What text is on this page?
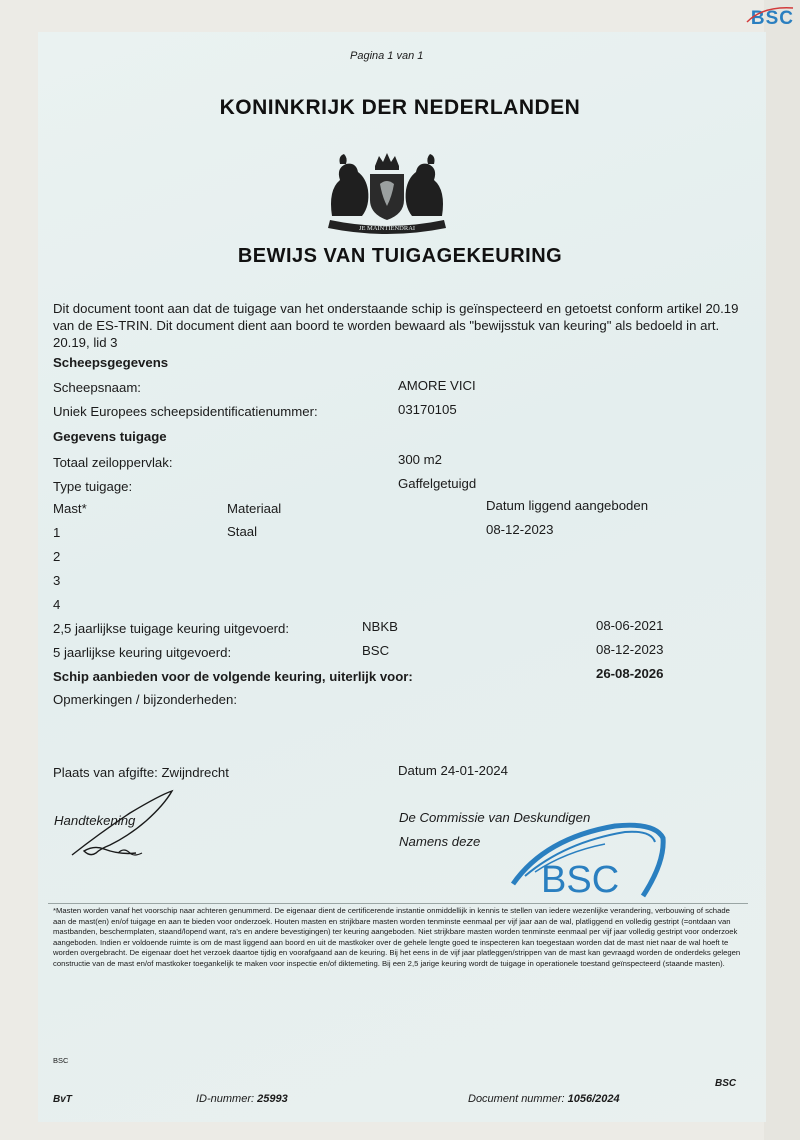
BSC
Pagina 1 van 1
KONINKRIJK DER NEDERLANDEN
JE MAINTIENDRAI
BEWIJS VAN TUIGAGEKEURING
Dit document toont aan dat de tuigage van het onderstaande schip is geïnspecteerd en getoetst conform artikel 20.19 van de ES-TRIN. Dit document dient aan boord te worden bewaard als "bewijsstuk van keuring" als bedoeld in art. 20.19, lid 3
Scheepsgegevens
Scheepsnaam:	AMORE VICI
Uniek Europees scheepsidentificatienummer:	03170105
Gegevens tuigage
Totaal zeiloppervlak:	300 m2
Type tuigage:	Gaffelgetuigd
Mast*	Materiaal	Datum liggend aangeboden
1	Staal	08-12-2023
2
3
4
2,5 jaarlijkse tuigage keuring uitgevoerd:	NBKB	08-06-2021
5 jaarlijkse keuring uitgevoerd:	BSC	08-12-2023
Schip aanbieden voor de volgende keuring, uiterlijk voor:	26-08-2026
Opmerkingen / bijzonderheden:
Plaats van afgifte: Zwijndrecht	Datum 24-01-2024
Handtekening	De Commissie van Deskundigen
Namens deze
BSC
*Masten worden vanaf het voorschip naar achteren genummerd. De eigenaar dient de certificerende instantie onmiddellijk in kennis te stellen van iedere wezenlijke verandering, verbouwing of schade aan de mast(en) en/of tuigage en aan te bieden voor onderzoek. Houten masten en strijkbare masten worden tenminste eenmaal per vijf jaar aan de wal, platliggend en volledig gestript (=ontdaan van mastbanden, beschermplaten, staand/lopend want, ra's en andere bevestigingen) ter keuring aangeboden. Niet strijkbare masten worden tenminste eenmaal per vijf jaar volledig gestript voor onderzoek aangeboden. Indien er voldoende ruimte is om de mast liggend aan boord en uit de mastkoker over de gehele lengte goed te inspecteren kan toegestaan worden dat de mast niet naar de wal hoeft te worden overgebracht. De eigenaar doet het verzoek daartoe tijdig en voorafgaand aan de keuring. Bij het eens in de vijf jaar platleggen/strippen van de mast kan gevraagd worden de onderdeks gelegen constructie van de mast en/of mastkoker toegankelijk te maken voor inspectie en/of diktemeting. Bij een 2,5 jarige keuring wordt de tuigage in operationele toestand geïnspecteerd (staande masten).
BSC
BSC
BvT	ID-nummer: 25993	Document nummer: 1056/2024
